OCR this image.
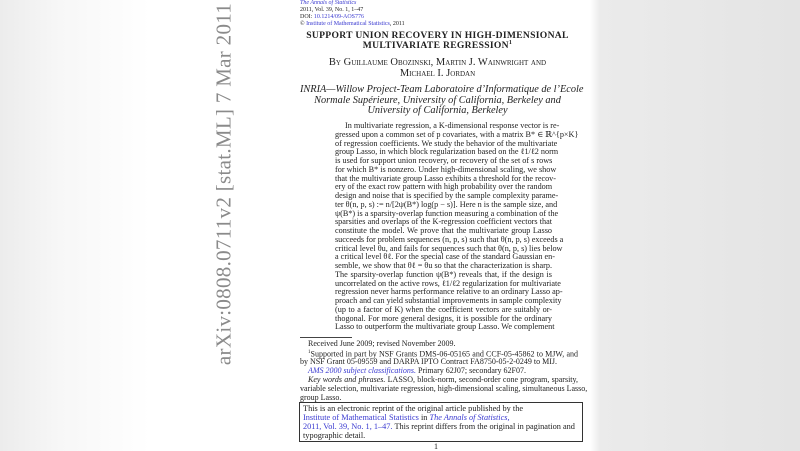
arXiv:0808.0711v2 [stat.ML] 7 Mar 2011	The Annals of Statistics
2011, Vol. 39, No. 1, 1–47
DOI: 10.1214/09-AOS776
© Institute of Mathematical Statistics, 2011
SUPPORT UNION RECOVERY IN HIGH-DIMENSIONAL
MULTIVARIATE REGRESSION$^1$
By Guillaume Obozinski, Martin J. Wainwright and
Michael I. Jordan
INRIA—Willow Project-Team Laboratoire d’Informatique de l’Ecole
Normale Supérieure, University of California, Berkeley and
University of California, Berkeley
In multivariate regression, a K-dimensional response vector is re-
gressed upon a common set of p covariates, with a matrix B* ∈ ℝ^{p×K}
of regression coefficients. We study the behavior of the multivariate
group Lasso, in which block regularization based on the ℓ1/ℓ2 norm
is used for support union recovery, or recovery of the set of s rows
for which B* is nonzero. Under high-dimensional scaling, we show
that the multivariate group Lasso exhibits a threshold for the recov-
ery of the exact row pattern with high probability over the random
design and noise that is specified by the sample complexity parame-
ter θ(n, p, s) := n/[2ψ(B*) log(p − s)]. Here n is the sample size, and
ψ(B*) is a sparsity-overlap function measuring a combination of the
sparsities and overlaps of the K-regression coefficient vectors that
constitute the model. We prove that the multivariate group Lasso
succeeds for problem sequences (n, p, s) such that θ(n, p, s) exceeds a
critical level θu, and fails for sequences such that θ(n, p, s) lies below
a critical level θℓ. For the special case of the standard Gaussian en-
semble, we show that θℓ = θu so that the characterization is sharp.
The sparsity-overlap function ψ(B*) reveals that, if the design is
uncorrelated on the active rows, ℓ1/ℓ2 regularization for multivariate
regression never harms performance relative to an ordinary Lasso ap-
proach and can yield substantial improvements in sample complexity
(up to a factor of K) when the coefficient vectors are suitably or-
thogonal. For more general designs, it is possible for the ordinary
Lasso to outperform the multivariate group Lasso. We complement
Received June 2009; revised November 2009.
$^1$Supported in part by NSF Grants DMS-06-05165 and CCF-05-45862 to MJW, and
by NSF Grant 05-09559 and DARPA IPTO Contract FA8750-05-2-0249 to MIJ.
AMS 2000 subject classifications. Primary 62J07; secondary 62F07.
Key words and phrases. LASSO, block-norm, second-order cone program, sparsity,
variable selection, multivariate regression, high-dimensional scaling, simultaneous Lasso,
group Lasso.
This is an electronic reprint of the original article published by the
Institute of Mathematical Statistics in The Annals of Statistics,
2011, Vol. 39, No. 1, 1–47. This reprint differs from the original in pagination and
typographic detail.
1
